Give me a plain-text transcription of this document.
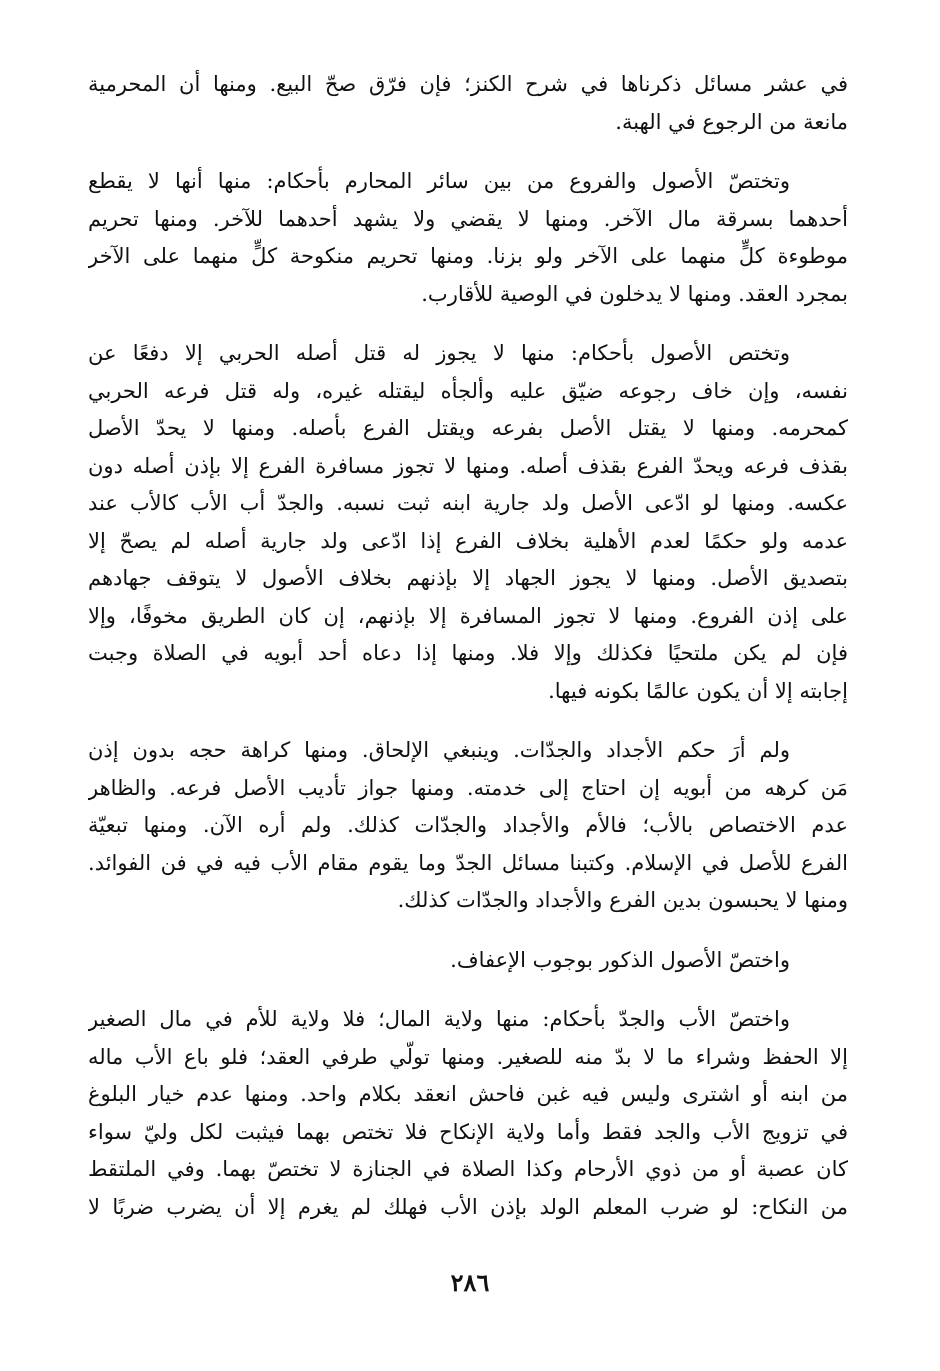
في عشر مسائل ذكرناها في شرح الكنز؛ فإن فرّق صحّ البيع. ومنها أن المحرمية
مانعة من الرجوع في الهبة.
وتختصّ الأصول والفروع من بين سائر المحارم بأحكام: منها أنها لا يقطع
أحدهما بسرقة مال الآخر. ومنها لا يقضي ولا يشهد أحدهما للآخر. ومنها تحريم
موطوءة كلٍّ منهما على الآخر ولو بزنا. ومنها تحريم منكوحة كلٍّ منهما على الآخر
بمجرد العقد. ومنها لا يدخلون في الوصية للأقارب.
وتختص الأصول بأحكام: منها لا يجوز له قتل أصله الحربي إلا دفعًا عن
نفسه، وإن خاف رجوعه ضيّق عليه وألجأه ليقتله غيره، وله قتل فرعه الحربي
كمحرمه. ومنها لا يقتل الأصل بفرعه ويقتل الفرع بأصله. ومنها لا يحدّ الأصل
بقذف فرعه ويحدّ الفرع بقذف أصله. ومنها لا تجوز مسافرة الفرع إلا بإذن أصله دون
عكسه. ومنها لو ادّعى الأصل ولد جارية ابنه ثبت نسبه. والجدّ أب الأب كالأب عند
عدمه ولو حكمًا لعدم الأهلية بخلاف الفرع إذا ادّعى ولد جارية أصله لم يصحّ إلا
بتصديق الأصل. ومنها لا يجوز الجهاد إلا بإذنهم بخلاف الأصول لا يتوقف جهادهم
على إذن الفروع. ومنها لا تجوز المسافرة إلا بإذنهم، إن كان الطريق مخوفًا، وإلا
فإن لم يكن ملتحيًا فكذلك وإلا فلا. ومنها إذا دعاه أحد أبويه في الصلاة وجبت
إجابته إلا أن يكون عالمًا بكونه فيها.
ولم أرَ حكم الأجداد والجدّات. وينبغي الإلحاق. ومنها كراهة حجه بدون إذن
مَن كرهه من أبويه إن احتاج إلى خدمته. ومنها جواز تأديب الأصل فرعه. والظاهر
عدم الاختصاص بالأب؛ فالأم والأجداد والجدّات كذلك. ولم أره الآن. ومنها تبعيّة
الفرع للأصل في الإسلام. وكتبنا مسائل الجدّ وما يقوم مقام الأب فيه في فن الفوائد.
ومنها لا يحبسون بدين الفرع والأجداد والجدّات كذلك.
واختصّ الأصول الذكور بوجوب الإعفاف.
واختصّ الأب والجدّ بأحكام: منها ولاية المال؛ فلا ولاية للأم في مال الصغير
إلا الحفظ وشراء ما لا بدّ منه للصغير. ومنها تولّي طرفي العقد؛ فلو باع الأب ماله
من ابنه أو اشترى وليس فيه غبن فاحش انعقد بكلام واحد. ومنها عدم خيار البلوغ
في تزويج الأب والجد فقط وأما ولاية الإنكاح فلا تختص بهما فيثبت لكل وليّ سواء
كان عصبة أو من ذوي الأرحام وكذا الصلاة في الجنازة لا تختصّ بهما. وفي الملتقط
من النكاح: لو ضرب المعلم الولد بإذن الأب فهلك لم يغرم إلا أن يضرب ضربًا لا
٢٨٦
